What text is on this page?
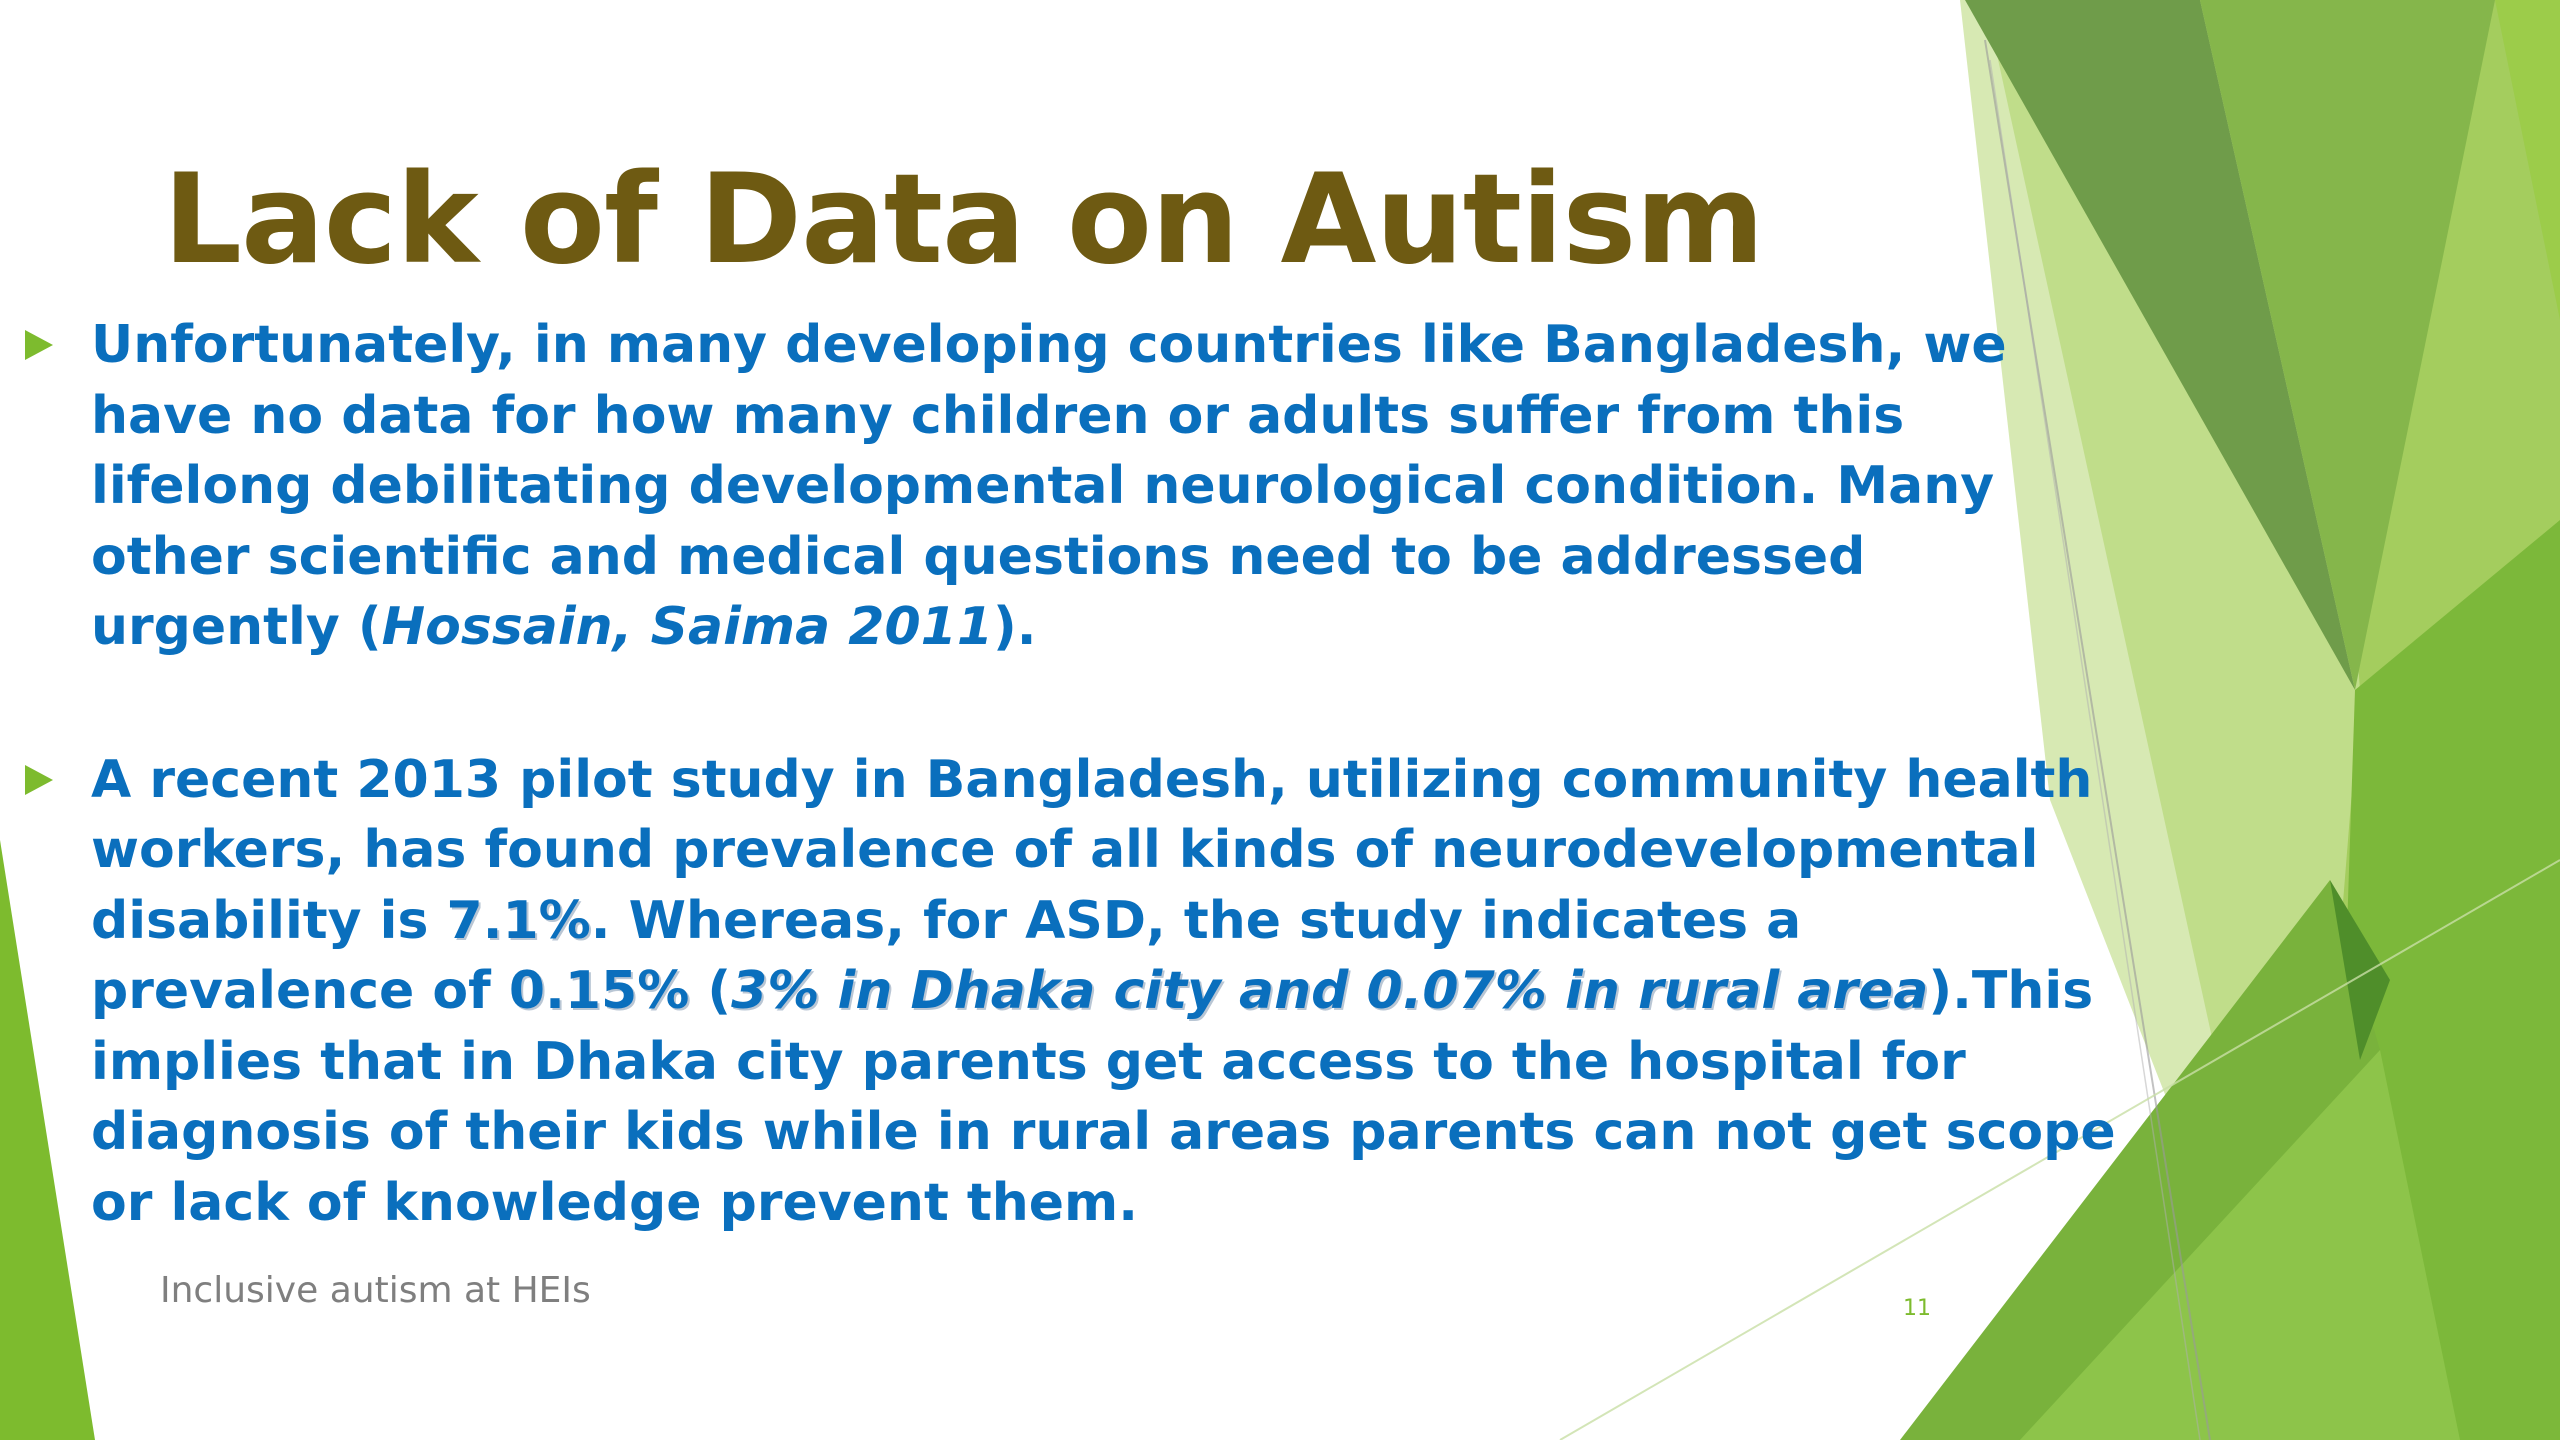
Lack of Data on Autism
Unfortunately, in many developing countries like Bangladesh, we have no data for how many children or adults suffer from this lifelong debilitating developmental neurological condition. Many other scientific and medical questions need to be addressed urgently (Hossain, Saima 2011).
A recent 2013 pilot study in Bangladesh, utilizing community health workers, has found prevalence of all kinds of neurodevelopmental disability is 7.1%. Whereas, for ASD, the study indicates a prevalence of 0.15% (3% in Dhaka city and 0.07% in rural area).This implies that in Dhaka city parents get access to the hospital for diagnosis of their kids while in rural areas parents can not get scope or lack of knowledge prevent them.
Inclusive autism at HEIs	11
